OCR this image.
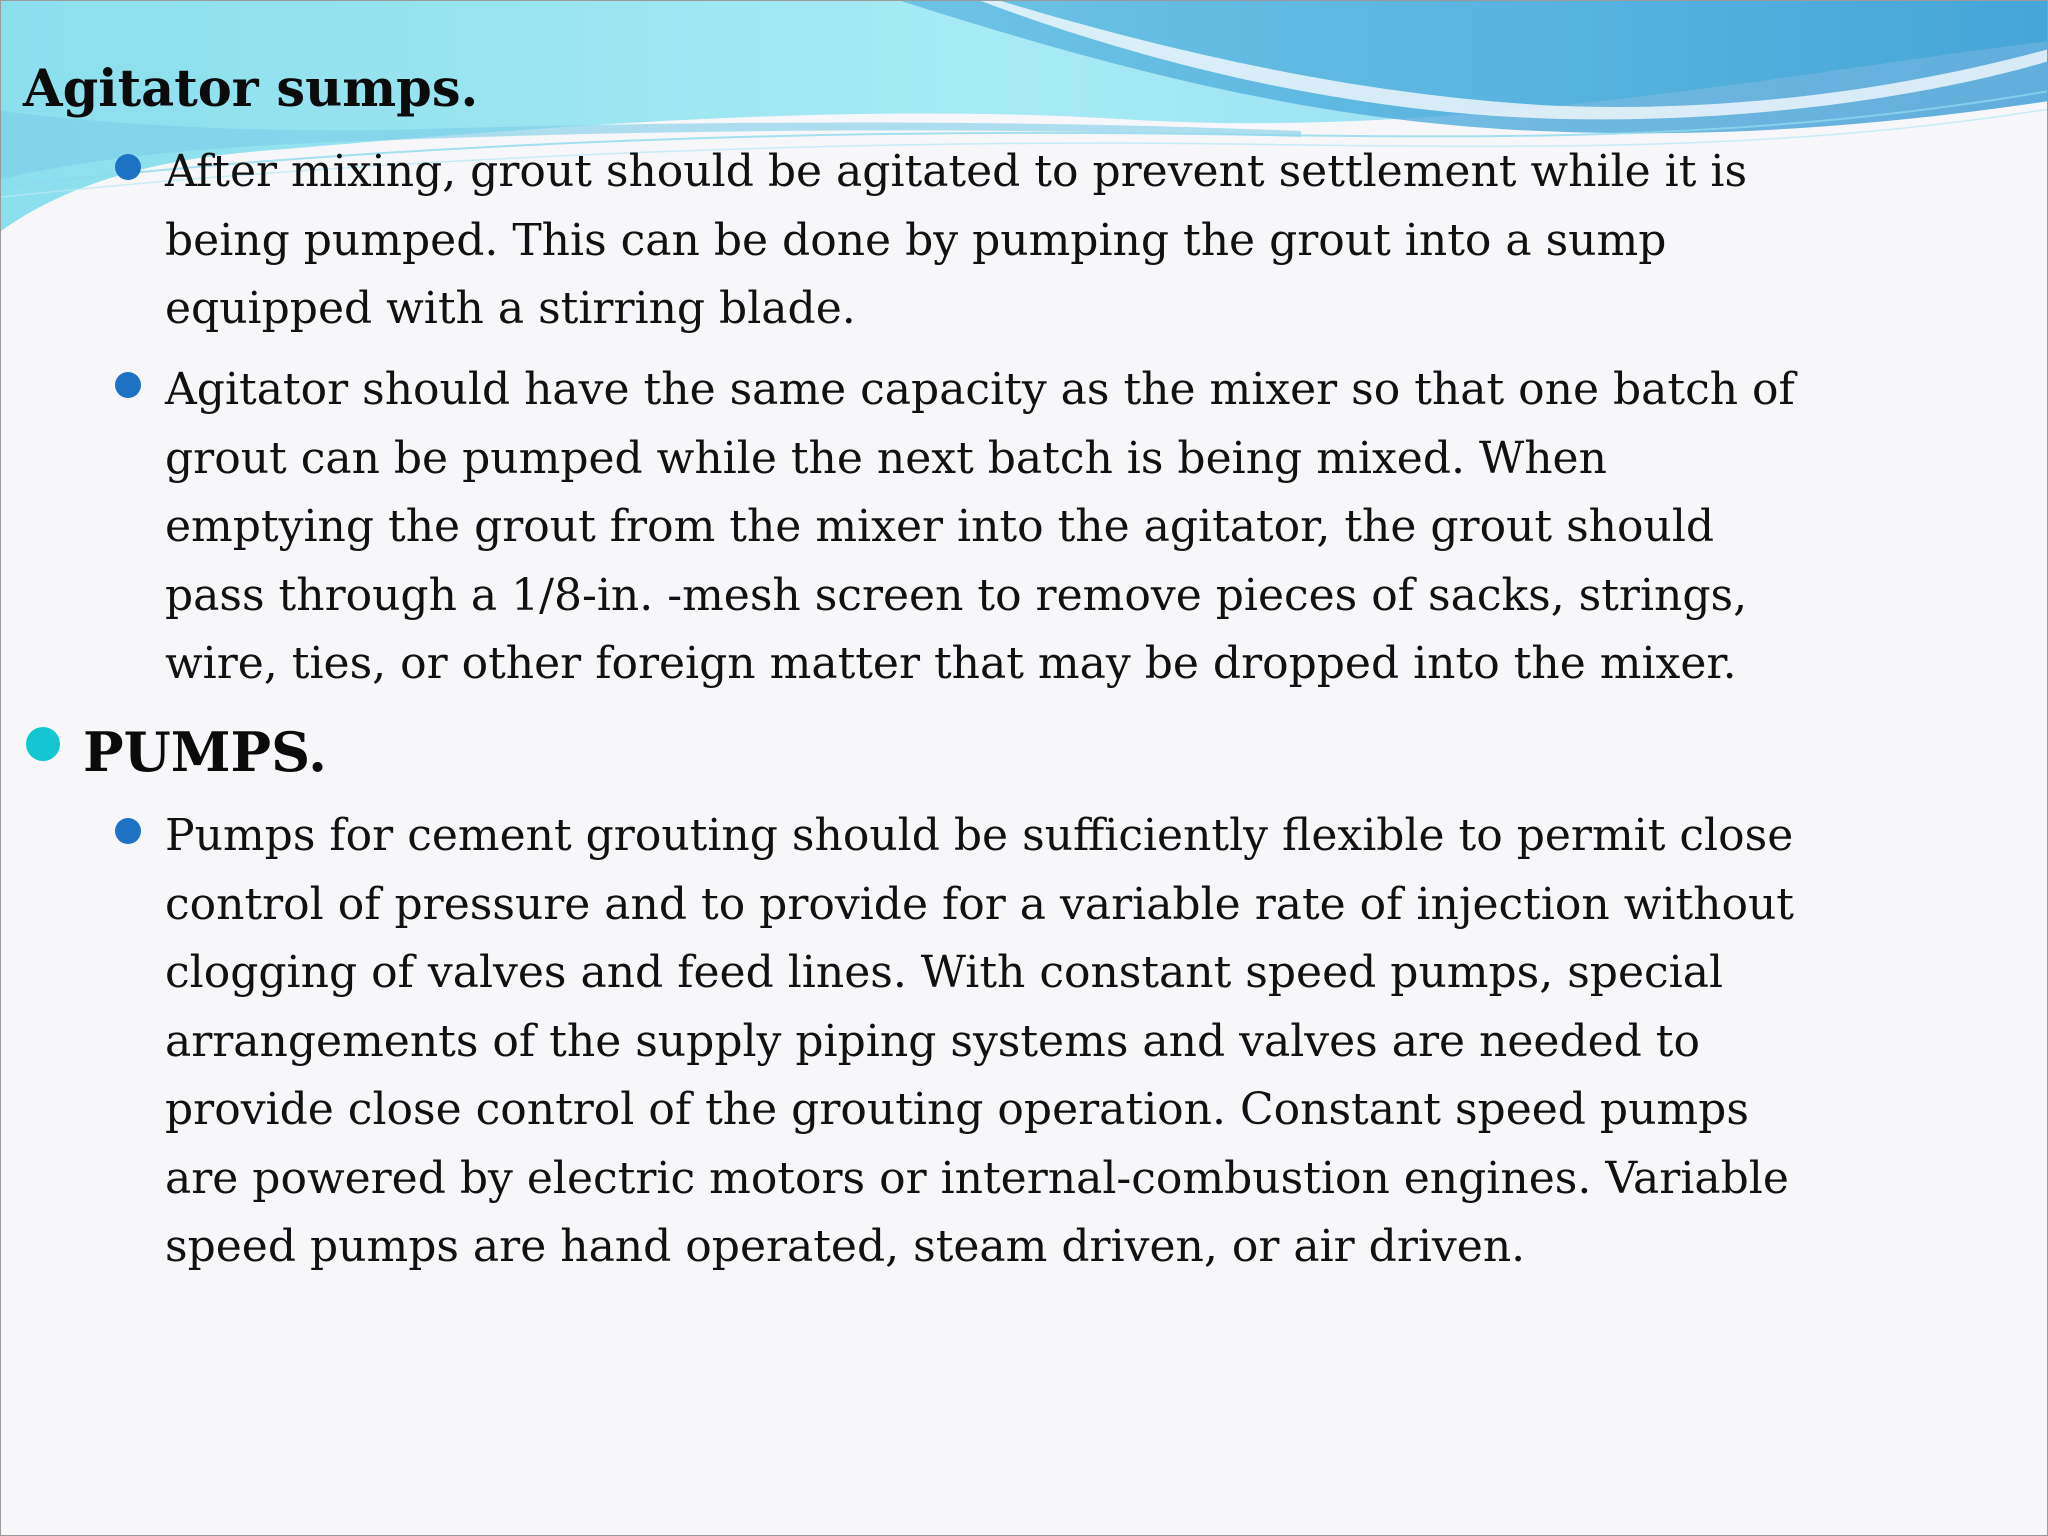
Agitator sumps.

After mixing, grout should be agitated to prevent settlement while it is
being pumped. This can be done by pumping the grout into a sump
equipped with a stirring blade.

Agitator should have the same capacity as the mixer so that one batch of
grout can be pumped while the next batch is being mixed. When
emptying the grout from the mixer into the agitator, the grout should
pass through a 1/8-in. -mesh screen to remove pieces of sacks, strings,
wire, ties, or other foreign matter that may be dropped into the mixer.

PUMPS.

Pumps for cement grouting should be sufficiently flexible to permit close
control of pressure and to provide for a variable rate of injection without
clogging of valves and feed lines. With constant speed pumps, special
arrangements of the supply piping systems and valves are needed to
provide close control of the grouting operation. Constant speed pumps
are powered by electric motors or internal-combustion engines. Variable
speed pumps are hand operated, steam driven, or air driven.
